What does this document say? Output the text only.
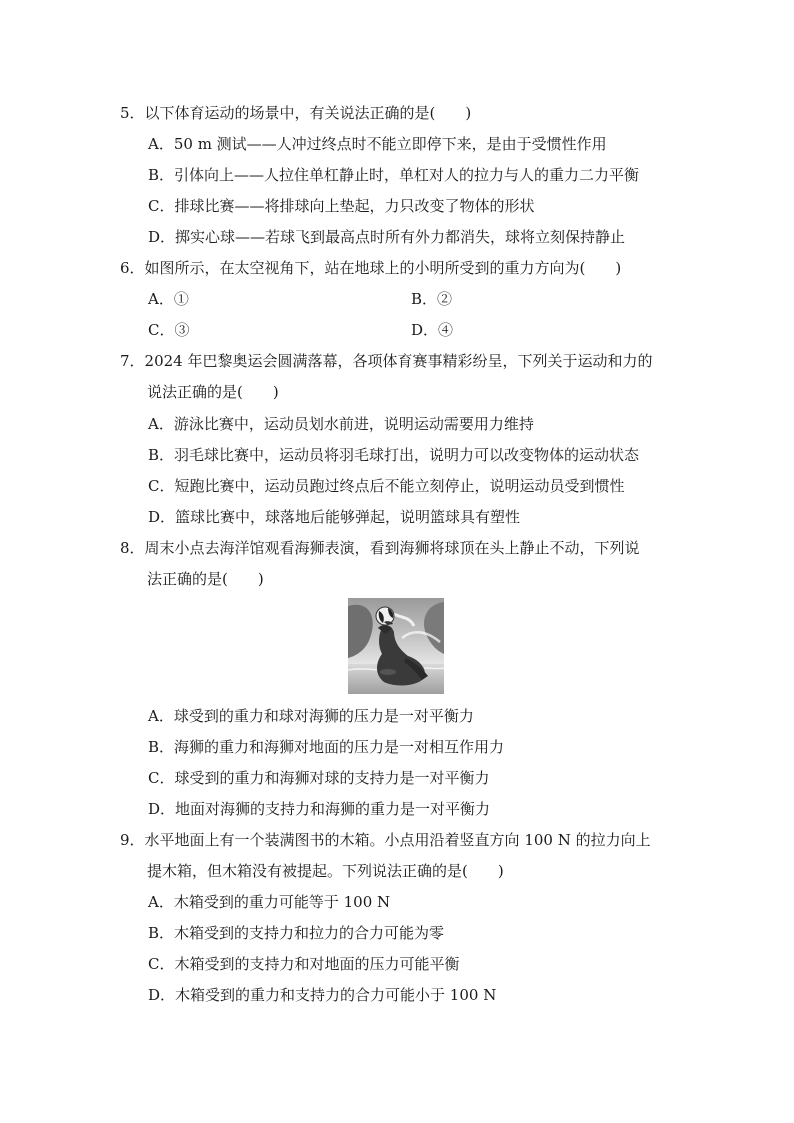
5．以下体育运动的场景中，有关说法正确的是(　　)
A．50 m 测试——人冲过终点时不能立即停下来，是由于受惯性作用
B．引体向上——人拉住单杠静止时，单杠对人的拉力与人的重力二力平衡
C．排球比赛——将排球向上垫起，力只改变了物体的形状
D．掷实心球——若球飞到最高点时所有外力都消失，球将立刻保持静止
6．如图所示，在太空视角下，站在地球上的小明所受到的重力方向为(　　)
A．①	B．②
C．③	D．④
7．2024 年巴黎奥运会圆满落幕，各项体育赛事精彩纷呈，下列关于运动和力的
说法正确的是(　　)
A．游泳比赛中，运动员划水前进，说明运动需要用力维持
B．羽毛球比赛中，运动员将羽毛球打出，说明力可以改变物体的运动状态
C．短跑比赛中，运动员跑过终点后不能立刻停止，说明运动员受到惯性
D．篮球比赛中，球落地后能够弹起，说明篮球具有塑性
8．周末小点去海洋馆观看海狮表演，看到海狮将球顶在头上静止不动，下列说
法正确的是(　　)
A．球受到的重力和球对海狮的压力是一对平衡力
B．海狮的重力和海狮对地面的压力是一对相互作用力
C．球受到的重力和海狮对球的支持力是一对平衡力
D．地面对海狮的支持力和海狮的重力是一对平衡力
9．水平地面上有一个装满图书的木箱。小点用沿着竖直方向 100 N 的拉力向上
提木箱，但木箱没有被提起。下列说法正确的是(　　)
A．木箱受到的重力可能等于 100 N
B．木箱受到的支持力和拉力的合力可能为零
C．木箱受到的支持力和对地面的压力可能平衡
D．木箱受到的重力和支持力的合力可能小于 100 N
